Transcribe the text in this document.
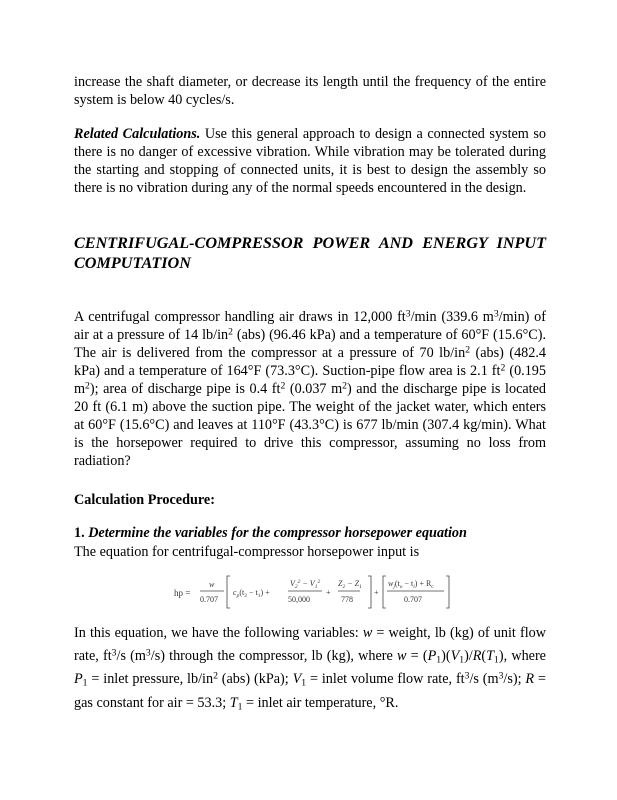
increase the shaft diameter, or decrease its length until the frequency of the entire system is below 40 cycles/s.

Related Calculations. Use this general approach to design a connected system so there is no danger of excessive vibration. While vibration may be tolerated during the starting and stopping of connected units, it is best to design the assembly so there is no vibration during any of the normal speeds encountered in the design.

CENTRIFUGAL-COMPRESSOR POWER AND ENERGY INPUT COMPUTATION

A centrifugal compressor handling air draws in 12,000 $ft^3/\min$ (339.6 $m^3/\min$) of air at a pressure of 14 $lb/in^2$ (abs) (96.46 kPa) and a temperature of 60°F (15.6°C). The air is delivered from the compressor at a pressure of 70 $lb/in^2$ (abs) (482.4 kPa) and a temperature of 164°F (73.3°C). Suction-pipe flow area is 2.1 $ft^2$ (0.195 $m^2$); area of discharge pipe is 0.4 $ft^2$ (0.037 $m^2$) and the discharge pipe is located 20 ft (6.1 m) above the suction pipe. The weight of the jacket water, which enters at 60°F (15.6°C) and leaves at 110°F (43.3°C) is 677 lb/min (307.4 kg/min). What is the horsepower required to drive this compressor, assuming no loss from radiation?

Calculation Procedure:

1. Determine the variables for the compressor horsepower equation

The equation for centrifugal-compressor horsepower input is

hp =
w
0.707
$c_p(t_2 - t_1)$ +
$V_2^2 - V_1^2$
50,000
+
$Z_2 - Z_1$
778
+
$w_j(t_o - t_i) + R_c$
0.707

In this equation, we have the following variables: w = weight, lb (kg) of unit flow rate, $ft^3/s$ $(m^3/s)$ through the compressor, lb (kg), where $w = (P_1)(V_1)/R(T_1)$, where $P_1$ = inlet pressure, $lb/in^2$ (abs) (kPa); $V_1$ = inlet volume flow rate, $ft^3/s$ $(m^3/s)$; R = gas constant for air = 53.3; $T_1$ = inlet air temperature, °R.
